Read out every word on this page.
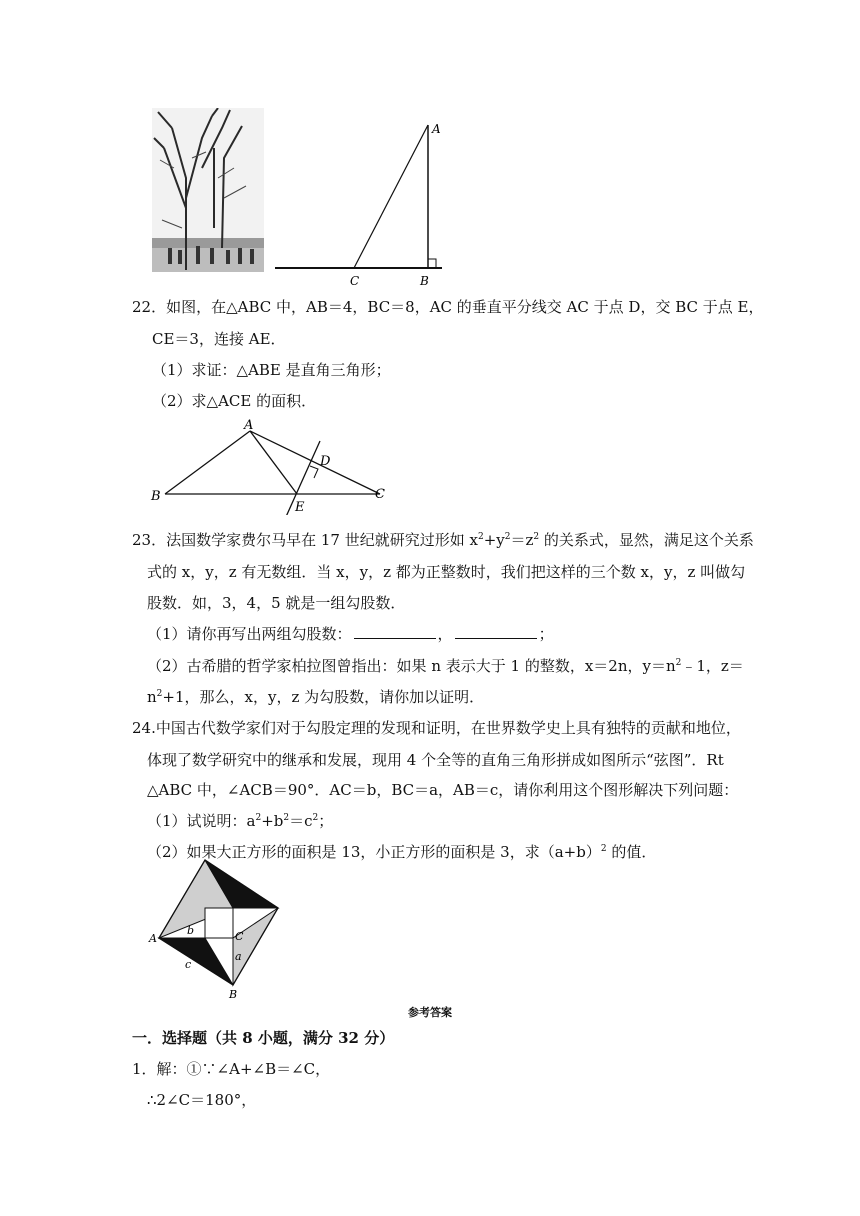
A
C	B
22．如图，在△ABC 中，AB＝4，BC＝8，AC 的垂直平分线交 AC 于点 D，交 BC 于点 E，
CE＝3，连接 AE．
（1）求证：△ABE 是直角三角形；
（2）求△ACE 的面积．
A
B	C
D
E
23．法国数学家费尔马早在 17 世纪就研究过形如 $x^2+y^2=z^2$ 的关系式，显然，满足这个关系
式的 x，y，z 有无数组．当 x，y，z 都为正整数时，我们把这样的三个数 x，y，z 叫做勾
股数．如，3，4，5 就是一组勾股数．
（1）请你再写出两组勾股数：	，	；
（2）古希腊的哲学家柏拉图曾指出：如果 n 表示大于 1 的整数，x＝2n，$y=n^2﹣1$，z＝
$n^2+1$，那么，x，y，z 为勾股数，请你加以证明．
24.中国古代数学家们对于勾股定理的发现和证明，在世界数学史上具有独特的贡献和地位，
体现了数学研究中的继承和发展，现用 4 个全等的直角三角形拼成如图所示“弦图”．Rt
△ABC 中，∠ACB＝90°．AC＝b，BC＝a，AB＝c，请你利用这个图形解决下列问题：
（1）试说明：$a^2+b^2=c^2$；
（2）如果大正方形的面积是 13，小正方形的面积是 3，求$(a+b)^2$ 的值．
A
B
C
a
b
c
参考答案
一．选择题（共 8 小题，满分 32 分）
1．解：①∵∠A+∠B＝∠C，
∴2∠C＝180°，
